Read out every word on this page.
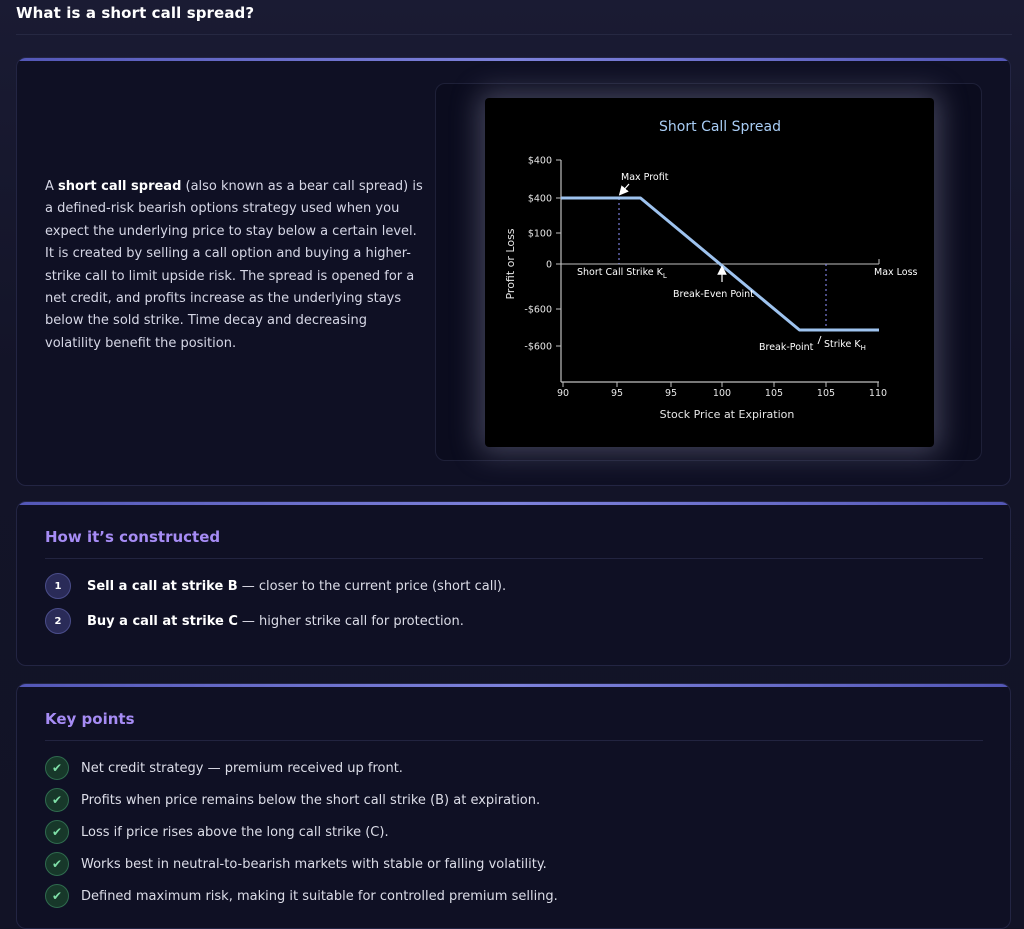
What is a short call spread?
A short call spread (also known as a bear call spread) is a defined-risk bearish options strategy used when you expect the underlying price to stay below a certain level. It is created by selling a call option and buying a higher-strike call to limit upside risk. The spread is opened for a net credit, and profits increase as the underlying stays below the sold strike. Time decay and decreasing volatility benefit the position.
Short Call Spread
Profit or Loss
Stock Price at Expiration
$400
$400
$100
0
-$600
-$600
90	95	95	100	105	105	110
Max Profit
Short Call Strike $K_L$
Break-Even Point
Max Loss
Break-Point Strike $K_H$
How it’s constructed
1	Sell a call at strike B — closer to the current price (short call).
2	Buy a call at strike C — higher strike call for protection.
Key points
✔	Net credit strategy — premium received up front.
✔	Profits when price remains below the short call strike (B) at expiration.
✔	Loss if price rises above the long call strike (C).
✔	Works best in neutral-to-bearish markets with stable or falling volatility.
✔	Defined maximum risk, making it suitable for controlled premium selling.
